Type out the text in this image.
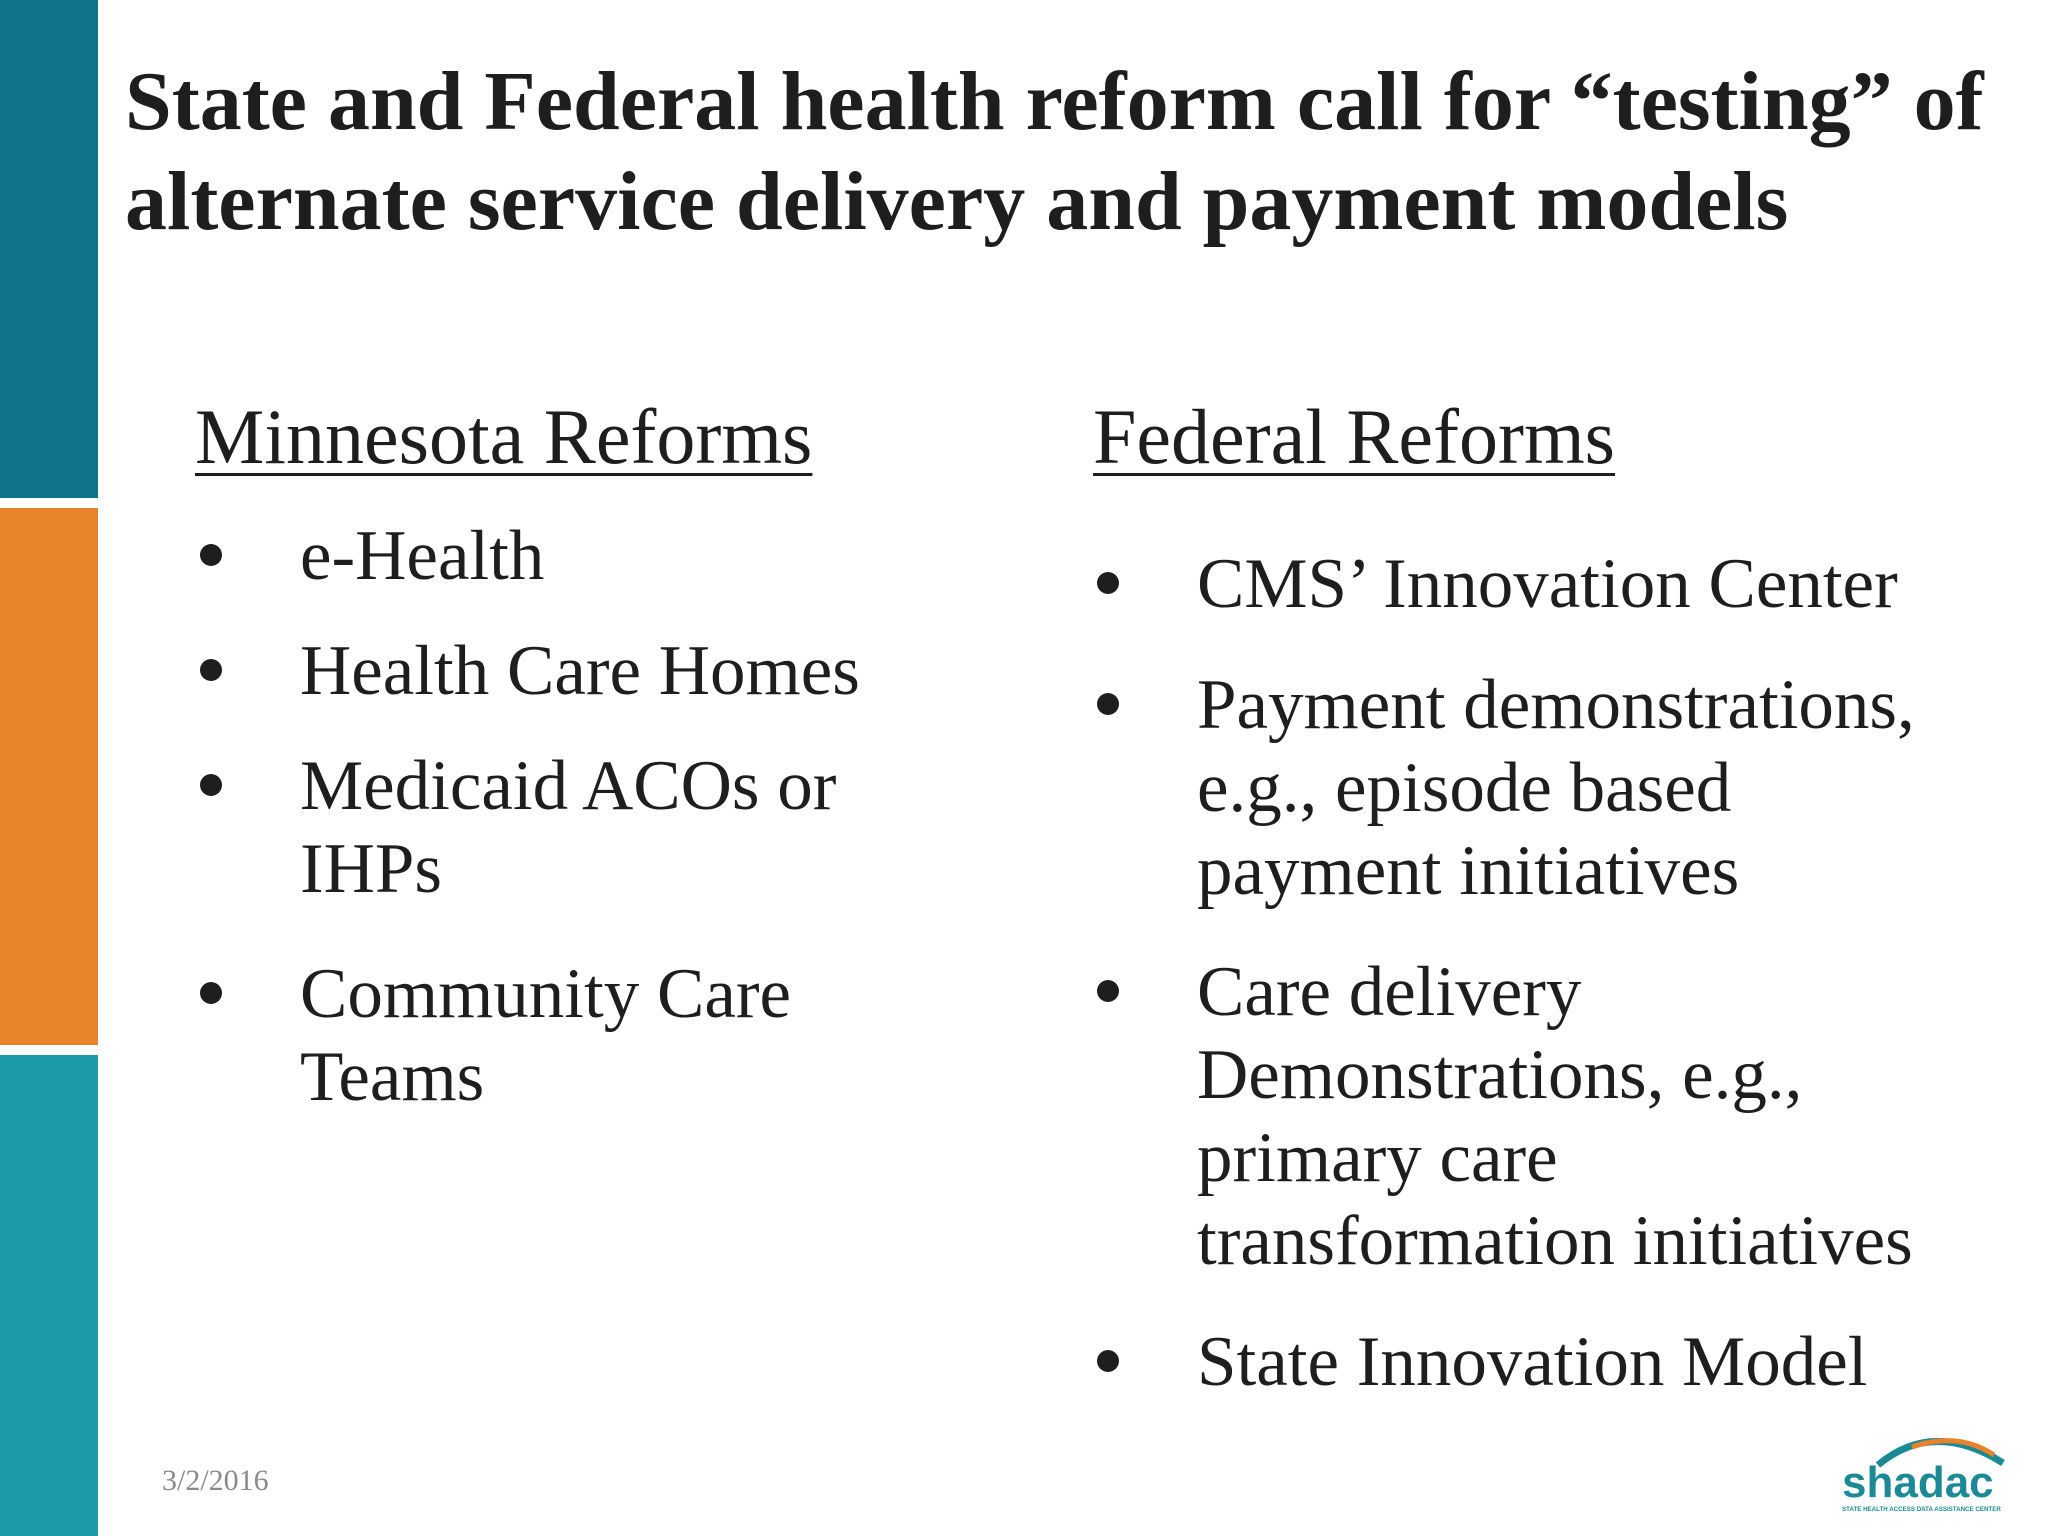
State and Federal health reform call for “testing” of alternate service delivery and payment models
Minnesota Reforms	Federal Reforms
e-Health
Health Care Homes
Medicaid ACOs or IHPs
Community Care Teams
CMS’ Innovation Center
Payment demonstrations, e.g., episode based payment initiatives
Care delivery Demonstrations, e.g., primary care transformation initiatives
State Innovation Model
3/2/2016	shadac
STATE HEALTH ACCESS DATA ASSISTANCE CENTER
